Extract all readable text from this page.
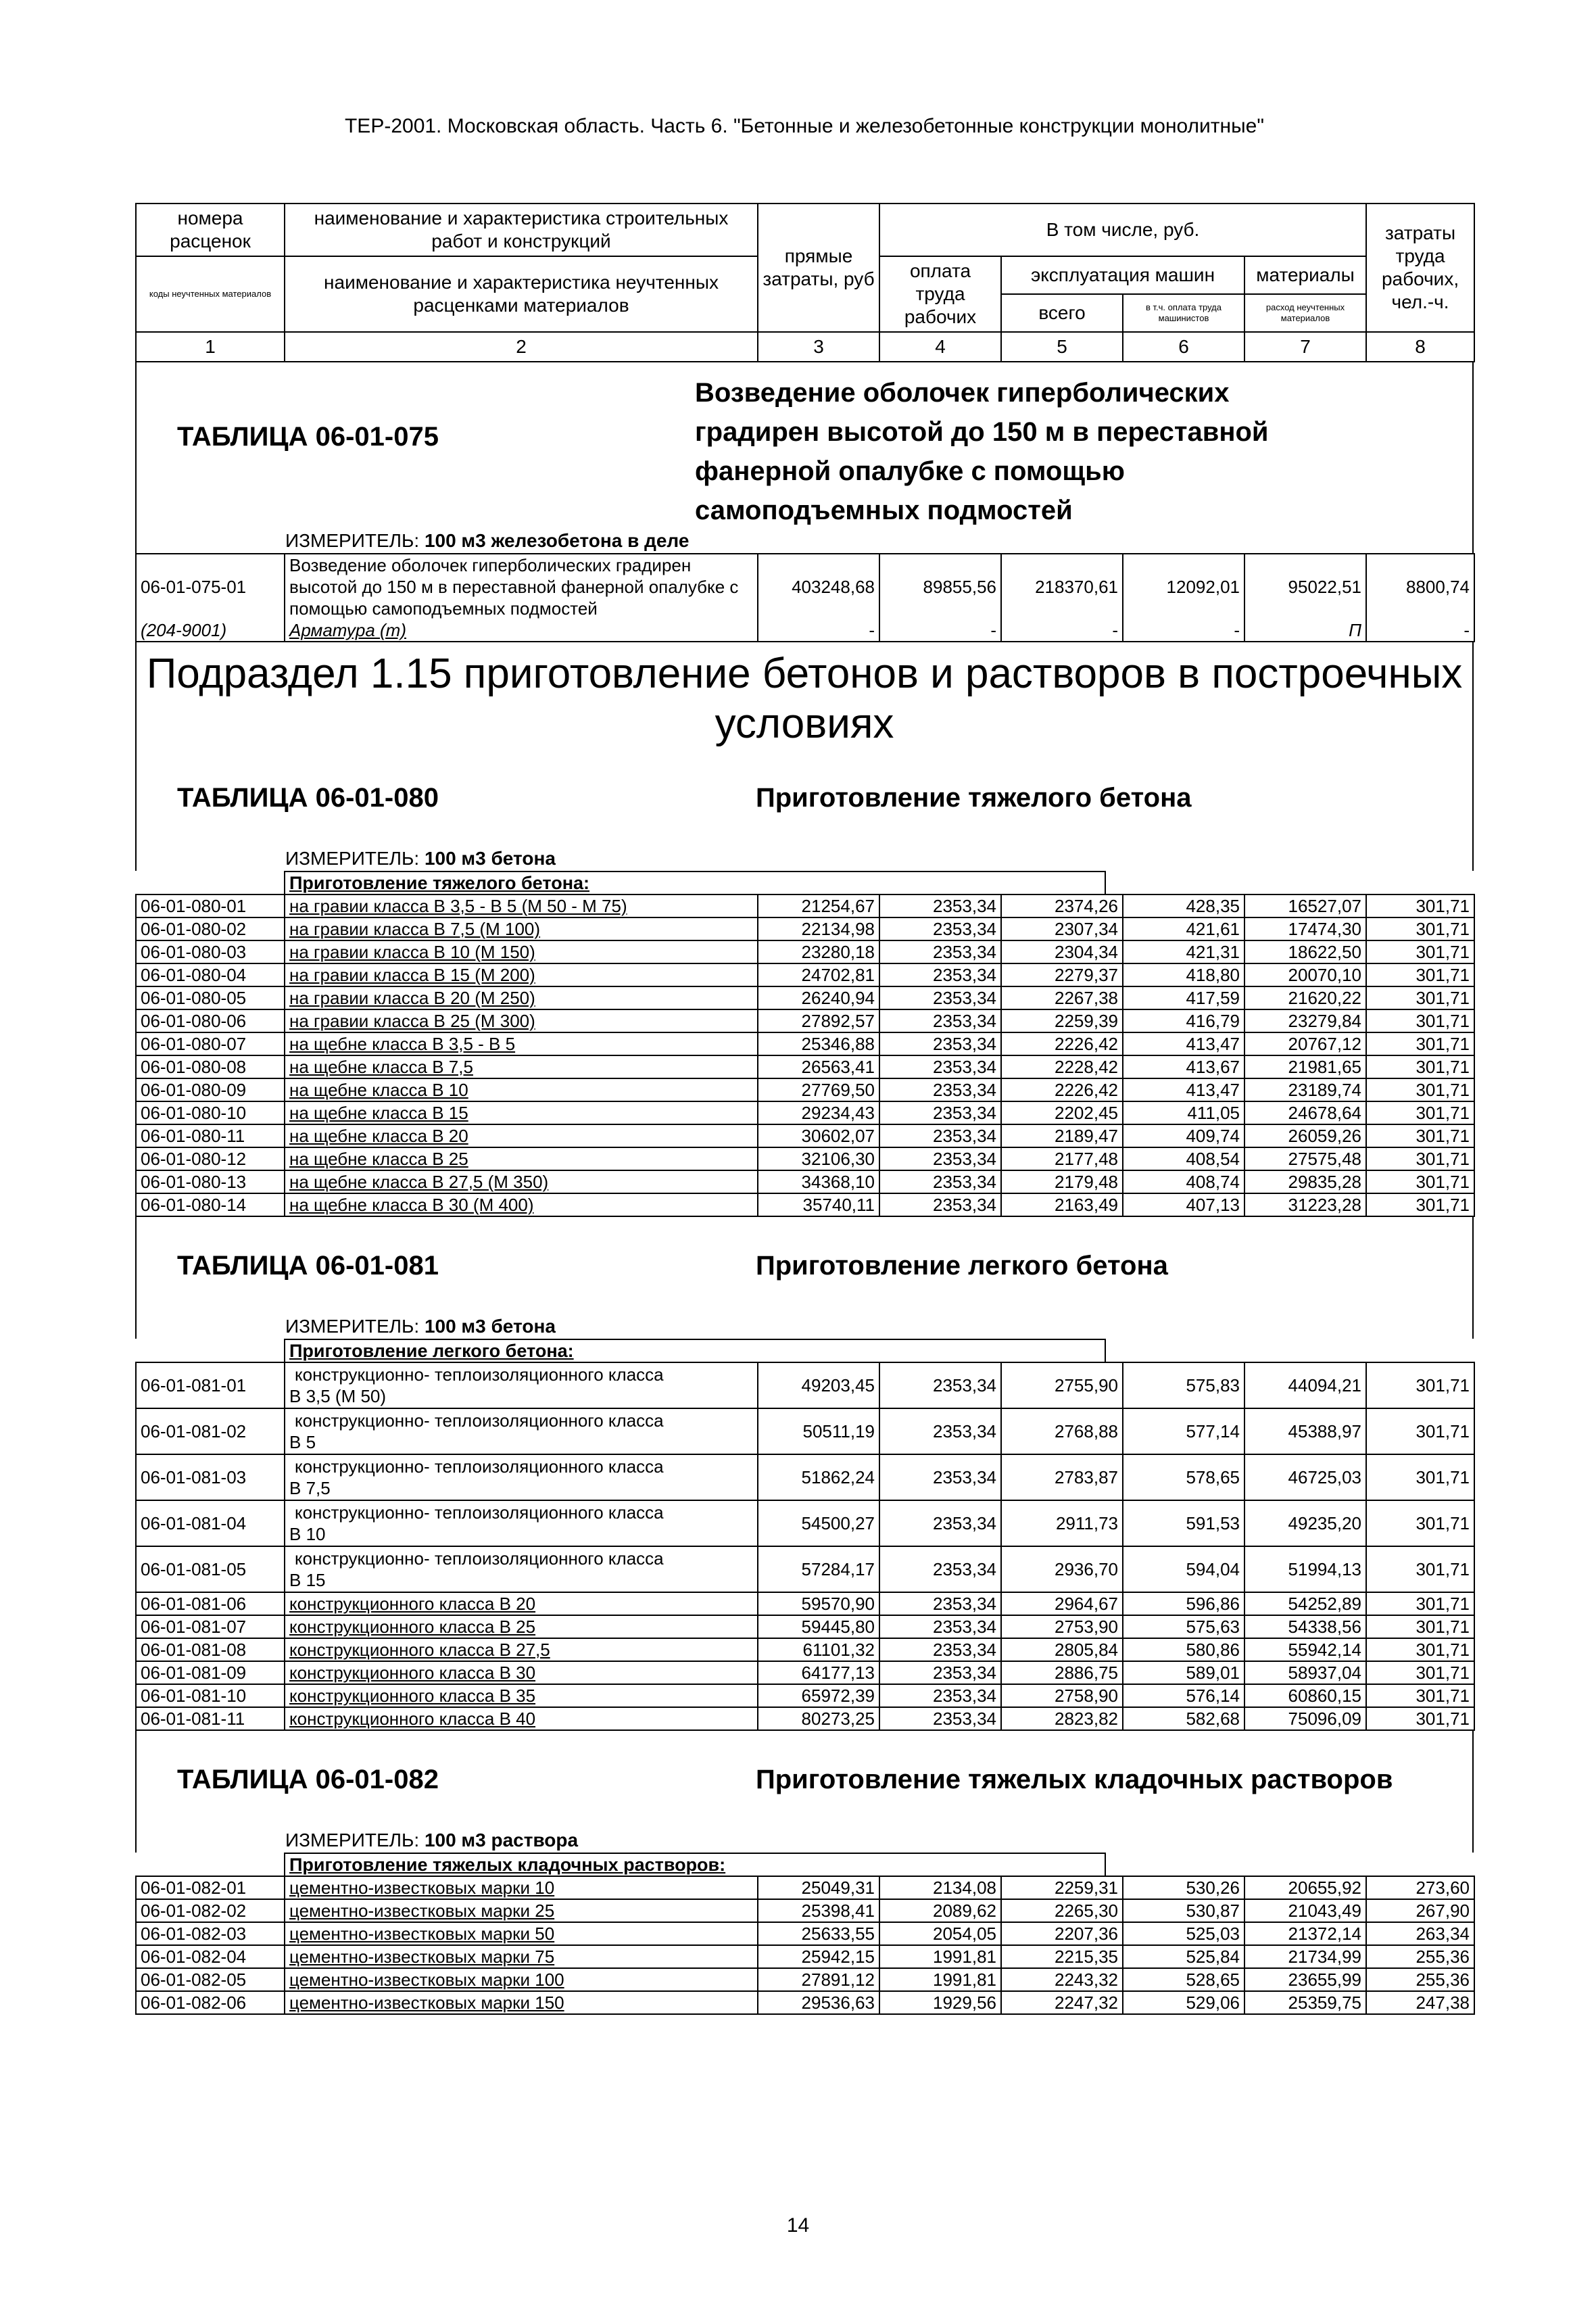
ТЕР-2001. Московская область. Часть 6. "Бетонные и железобетонные конструкции монолитные"
номера расценок	наименование и характеристика строительных работ и конструкций	прямые затраты, руб	В том числе, руб.				затраты труда рабочих, чел.-ч.
коды неучтенных материалов	наименование и характеристика неучтенных расценками материалов		оплата труда рабочих	эксплуатация машин		материалы	
				всего	в т.ч. оплата труда машинистов	расход неучтенных материалов	
1	2	3	4	5	6	7	8
ТАБЛИЦА 06-01-075
Возведение оболочек гиперболических градирен высотой до 150 м в переставной фанерной опалубке с помощью самоподъемных подмостей
ИЗМЕРИТЕЛЬ: 100 м3 железобетона в деле
06-01-075-01	Возведение оболочек гиперболических градирен высотой до 150 м в переставной фанерной опалубке с помощью самоподъемных подмостей	403248,68	89855,56	218370,61	12092,01	95022,51	8800,74
(204-9001)	Арматура (т)	-	-	-	-	П	-
Подраздел 1.15 приготовление бетонов и растворов в построечных условиях
ТАБЛИЦА 06-01-080	Приготовление тяжелого бетона
ИЗМЕРИТЕЛЬ: 100 м3 бетона
Приготовление тяжелого бетона:
06-01-080-01	на гравии класса В 3,5 - В 5 (М 50 - М 75)	21254,67	2353,34	2374,26	428,35	16527,07	301,71
06-01-080-02	на гравии класса В 7,5 (М 100)	22134,98	2353,34	2307,34	421,61	17474,30	301,71
06-01-080-03	на гравии класса В 10 (М 150)	23280,18	2353,34	2304,34	421,31	18622,50	301,71
06-01-080-04	на гравии класса В 15 (М 200)	24702,81	2353,34	2279,37	418,80	20070,10	301,71
06-01-080-05	на гравии класса В 20 (М 250)	26240,94	2353,34	2267,38	417,59	21620,22	301,71
06-01-080-06	на гравии класса В 25 (М 300)	27892,57	2353,34	2259,39	416,79	23279,84	301,71
06-01-080-07	на щебне класса В 3,5 - В 5	25346,88	2353,34	2226,42	413,47	20767,12	301,71
06-01-080-08	на щебне класса В 7,5	26563,41	2353,34	2228,42	413,67	21981,65	301,71
06-01-080-09	на щебне класса В 10	27769,50	2353,34	2226,42	413,47	23189,74	301,71
06-01-080-10	на щебне класса В 15	29234,43	2353,34	2202,45	411,05	24678,64	301,71
06-01-080-11	на щебне класса В 20	30602,07	2353,34	2189,47	409,74	26059,26	301,71
06-01-080-12	на щебне класса В 25	32106,30	2353,34	2177,48	408,54	27575,48	301,71
06-01-080-13	на щебне класса В 27,5 (М 350)	34368,10	2353,34	2179,48	408,74	29835,28	301,71
06-01-080-14	на щебне класса В 30 (М 400)	35740,11	2353,34	2163,49	407,13	31223,28	301,71
ТАБЛИЦА 06-01-081	Приготовление легкого бетона
ИЗМЕРИТЕЛЬ: 100 м3 бетона
Приготовление легкого бетона:
06-01-081-01	конструкционно- теплоизоляционного класса
В 3,5 (М 50)	49203,45	2353,34	2755,90	575,83	44094,21	301,71
06-01-081-02	конструкционно- теплоизоляционного класса
В 5	50511,19	2353,34	2768,88	577,14	45388,97	301,71
06-01-081-03	конструкционно- теплоизоляционного класса
В 7,5	51862,24	2353,34	2783,87	578,65	46725,03	301,71
06-01-081-04	конструкционно- теплоизоляционного класса
В 10	54500,27	2353,34	2911,73	591,53	49235,20	301,71
06-01-081-05	конструкционно- теплоизоляционного класса
В 15	57284,17	2353,34	2936,70	594,04	51994,13	301,71
06-01-081-06	конструкционного класса В 20	59570,90	2353,34	2964,67	596,86	54252,89	301,71
06-01-081-07	конструкционного класса В 25	59445,80	2353,34	2753,90	575,63	54338,56	301,71
06-01-081-08	конструкционного класса В 27,5	61101,32	2353,34	2805,84	580,86	55942,14	301,71
06-01-081-09	конструкционного класса В 30	64177,13	2353,34	2886,75	589,01	58937,04	301,71
06-01-081-10	конструкционного класса В 35	65972,39	2353,34	2758,90	576,14	60860,15	301,71
06-01-081-11	конструкционного класса В 40	80273,25	2353,34	2823,82	582,68	75096,09	301,71
ТАБЛИЦА 06-01-082	Приготовление тяжелых кладочных растворов
ИЗМЕРИТЕЛЬ: 100 м3 раствора
Приготовление тяжелых кладочных растворов:
06-01-082-01	цементно-известковых марки 10	25049,31	2134,08	2259,31	530,26	20655,92	273,60
06-01-082-02	цементно-известковых марки 25	25398,41	2089,62	2265,30	530,87	21043,49	267,90
06-01-082-03	цементно-известковых марки 50	25633,55	2054,05	2207,36	525,03	21372,14	263,34
06-01-082-04	цементно-известковых марки 75	25942,15	1991,81	2215,35	525,84	21734,99	255,36
06-01-082-05	цементно-известковых марки 100	27891,12	1991,81	2243,32	528,65	23655,99	255,36
06-01-082-06	цементно-известковых марки 150	29536,63	1929,56	2247,32	529,06	25359,75	247,38
14
